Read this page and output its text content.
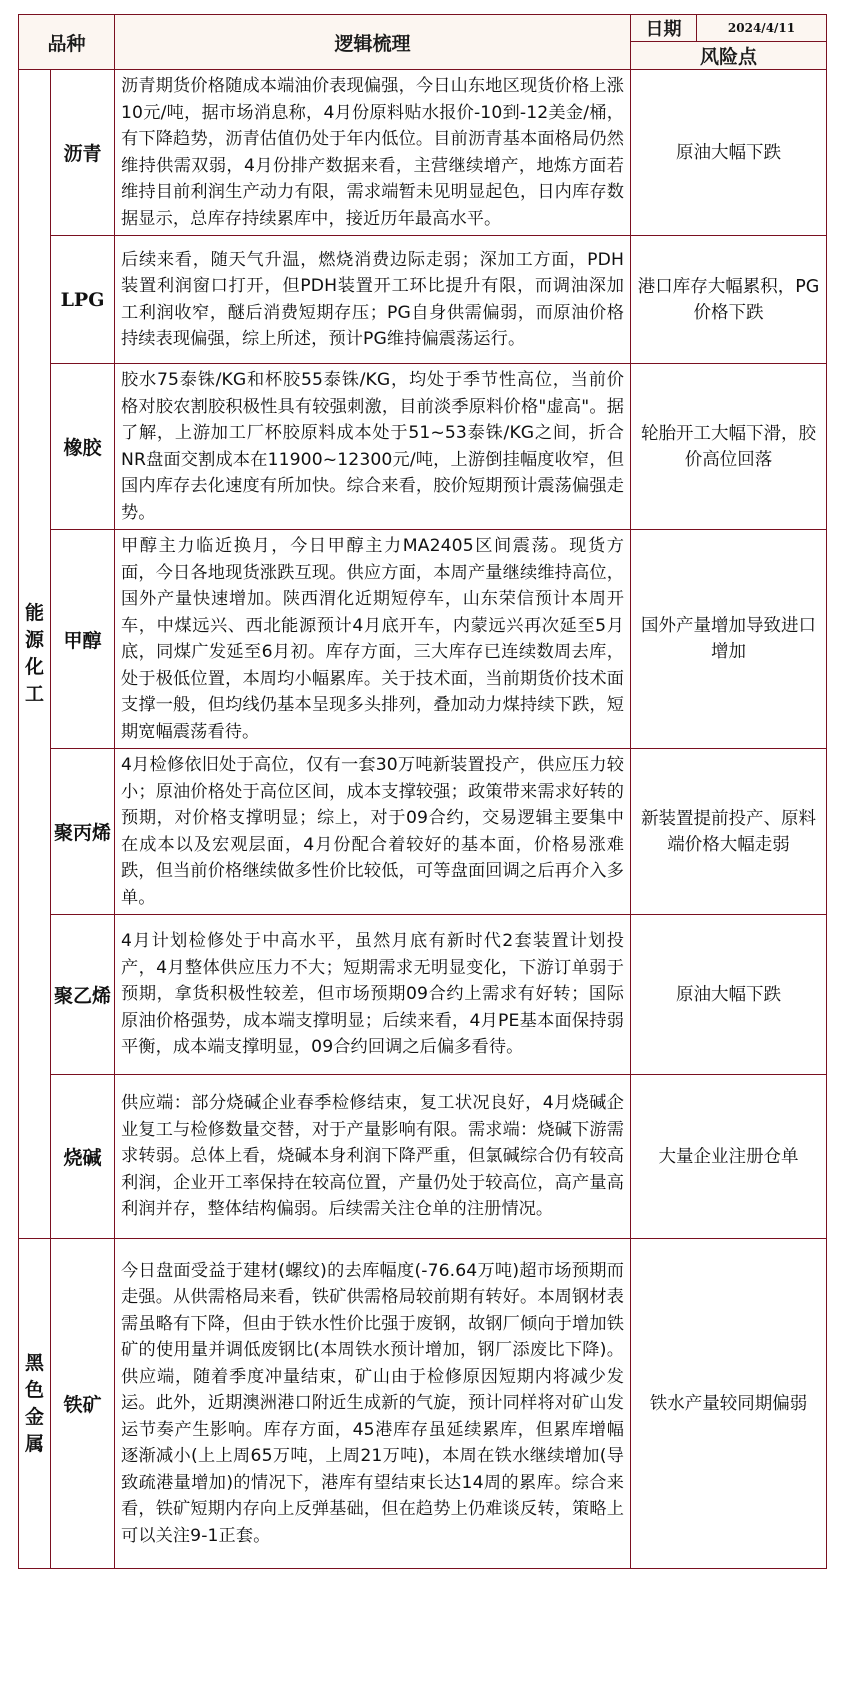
品种		逻辑梳理	日期	2024/4/11
			风险点	
能源化工	沥青	沥青期货价格随成本端油价表现偏强，今日山东地区现货价格上涨10元/吨，据市场消息称，4月份原料贴水报价-10到-12美金/桶，有下降趋势，沥青估值仍处于年内低位。目前沥青基本面格局仍然维持供需双弱，4月份排产数据来看，主营继续增产，地炼方面若维持目前利润生产动力有限，需求端暂未见明显起色，日内库存数据显示，总库存持续累库中，接近历年最高水平。	原油大幅下跌	
	LPG	后续来看，随天气升温，燃烧消费边际走弱；深加工方面，PDH装置利润窗口打开，但PDH装置开工环比提升有限，而调油深加工利润收窄，醚后消费短期存压；PG自身供需偏弱，而原油价格持续表现偏强，综上所述，预计PG维持偏震荡运行。	港口库存大幅累积，PG价格下跌	
	橡胶	胶水75泰铢/KG和杯胶55泰铢/KG，均处于季节性高位，当前价格对胶农割胶积极性具有较强刺激，目前淡季原料价格"虚高"。据了解，上游加工厂杯胶原料成本处于51~53泰铢/KG之间，折合NR盘面交割成本在11900~12300元/吨，上游倒挂幅度收窄，但国内库存去化速度有所加快。综合来看，胶价短期预计震荡偏强走势。	轮胎开工大幅下滑，胶价高位回落	
	甲醇	甲醇主力临近换月，今日甲醇主力MA2405区间震荡。现货方面，今日各地现货涨跌互现。供应方面，本周产量继续维持高位，国外产量快速增加。陕西渭化近期短停车，山东荣信预计本周开车，中煤远兴、西北能源预计4月底开车，内蒙远兴再次延至5月底，同煤广发延至6月初。库存方面，三大库存已连续数周去库，处于极低位置，本周均小幅累库。关于技术面，当前期货价技术面支撑一般，但均线仍基本呈现多头排列，叠加动力煤持续下跌，短期宽幅震荡看待。	国外产量增加导致进口增加	
	聚丙烯	4月检修依旧处于高位，仅有一套30万吨新装置投产，供应压力较小；原油价格处于高位区间，成本支撑较强；政策带来需求好转的预期，对价格支撑明显；综上，对于09合约，交易逻辑主要集中在成本以及宏观层面，4月份配合着较好的基本面，价格易涨难跌，但当前价格继续做多性价比较低，可等盘面回调之后再介入多单。	新装置提前投产、原料端价格大幅走弱	
	聚乙烯	4月计划检修处于中高水平，虽然月底有新时代2套装置计划投产，4月整体供应压力不大；短期需求无明显变化，下游订单弱于预期，拿货积极性较差，但市场预期09合约上需求有好转；国际原油价格强势，成本端支撑明显；后续来看，4月PE基本面保持弱平衡，成本端支撑明显，09合约回调之后偏多看待。	原油大幅下跌	
	烧碱	供应端：部分烧碱企业春季检修结束，复工状况良好，4月烧碱企业复工与检修数量交替，对于产量影响有限。需求端：烧碱下游需求转弱。总体上看，烧碱本身利润下降严重，但氯碱综合仍有较高利润，企业开工率保持在较高位置，产量仍处于较高位，高产量高利润并存，整体结构偏弱。后续需关注仓单的注册情况。	大量企业注册仓单	
黑色金属	铁矿	今日盘面受益于建材(螺纹)的去库幅度(-76.64万吨)超市场预期而走强。从供需格局来看，铁矿供需格局较前期有转好。本周钢材表需虽略有下降，但由于铁水性价比强于废钢，故钢厂倾向于增加铁矿的使用量并调低废钢比(本周铁水预计增加，钢厂添废比下降)。供应端，随着季度冲量结束，矿山由于检修原因短期内将减少发运。此外，近期澳洲港口附近生成新的气旋，预计同样将对矿山发运节奏产生影响。库存方面，45港库存虽延续累库，但累库增幅逐渐减小(上上周65万吨，上周21万吨)，本周在铁水继续增加(导致疏港量增加)的情况下，港库有望结束长达14周的累库。综合来看，铁矿短期内存向上反弹基础，但在趋势上仍难谈反转，策略上可以关注9-1正套。	铁水产量较同期偏弱	
